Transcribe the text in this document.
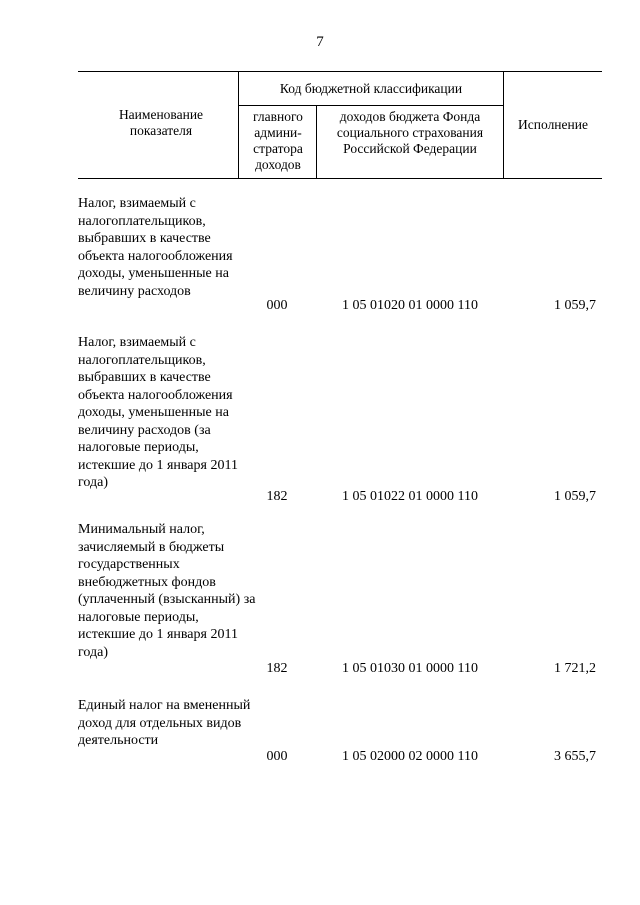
7
Наименование показателя
Код бюджетной классификации
главного админи- стратора доходов
доходов бюджета Фонда социального страхования Российской Федерации
Исполнение
Налог, взимаемый с налогоплательщиков, выбравших в качестве объекта налогообложения доходы, уменьшенные на величину расходов
000	1 05 01020 01 0000 110	1 059,7
Налог, взимаемый с налогоплательщиков, выбравших в качестве объекта налогообложения доходы, уменьшенные на величину расходов (за налоговые периоды, истекшие до 1 января 2011 года)
182	1 05 01022 01 0000 110	1 059,7
Минимальный налог, зачисляемый в бюджеты государственных внебюджетных фондов (уплаченный (взысканный) за налоговые периоды, истекшие до 1 января 2011 года)
182	1 05 01030 01 0000 110	1 721,2
Единый налог на вмененный доход для отдельных видов деятельности
000	1 05 02000 02 0000 110	3 655,7
